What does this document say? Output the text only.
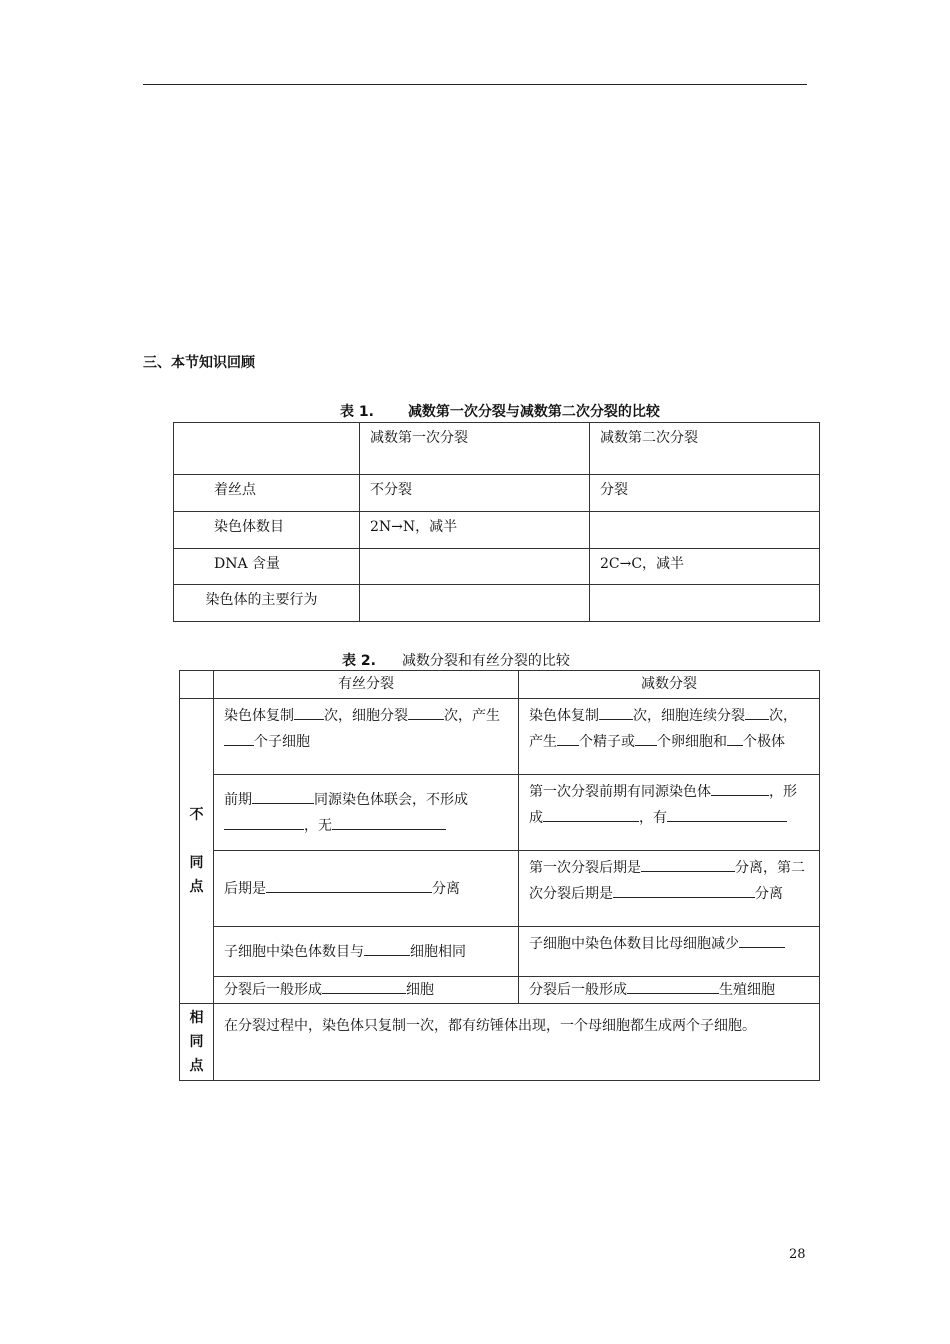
三、本节知识回顾
表 1. 减数第一次分裂与减数第二次分裂的比较
	减数第一次分裂	减数第二次分裂
着丝点	不分裂	分裂
染色体数目	2N→N，减半	
DNA 含量		2C→C，减半
染色体的主要行为		
表 2. 减数分裂和有丝分裂的比较
	有丝分裂	减数分裂
不

同
点	染色体复制 次，细胞分裂 次，产生个子细胞	染色体复制 次，细胞连续分裂 次，产生 个精子或 个卵细胞和 个极体
	前期 同源染色体联会，不形成，无	第一次分裂前期有同源染色体 ，形成 ，有
	后期是 分离	第一次分裂后期是 分离，第二次分裂后期是 分离
	子细胞中染色体数目与 细胞相同	子细胞中染色体数目比母细胞减少
	分裂后一般形成 细胞	分裂后一般形成 生殖细胞
相
同
点	在分裂过程中，染色体只复制一次，都有纺锤体出现，一个母细胞都生成两个子细胞。	
28
